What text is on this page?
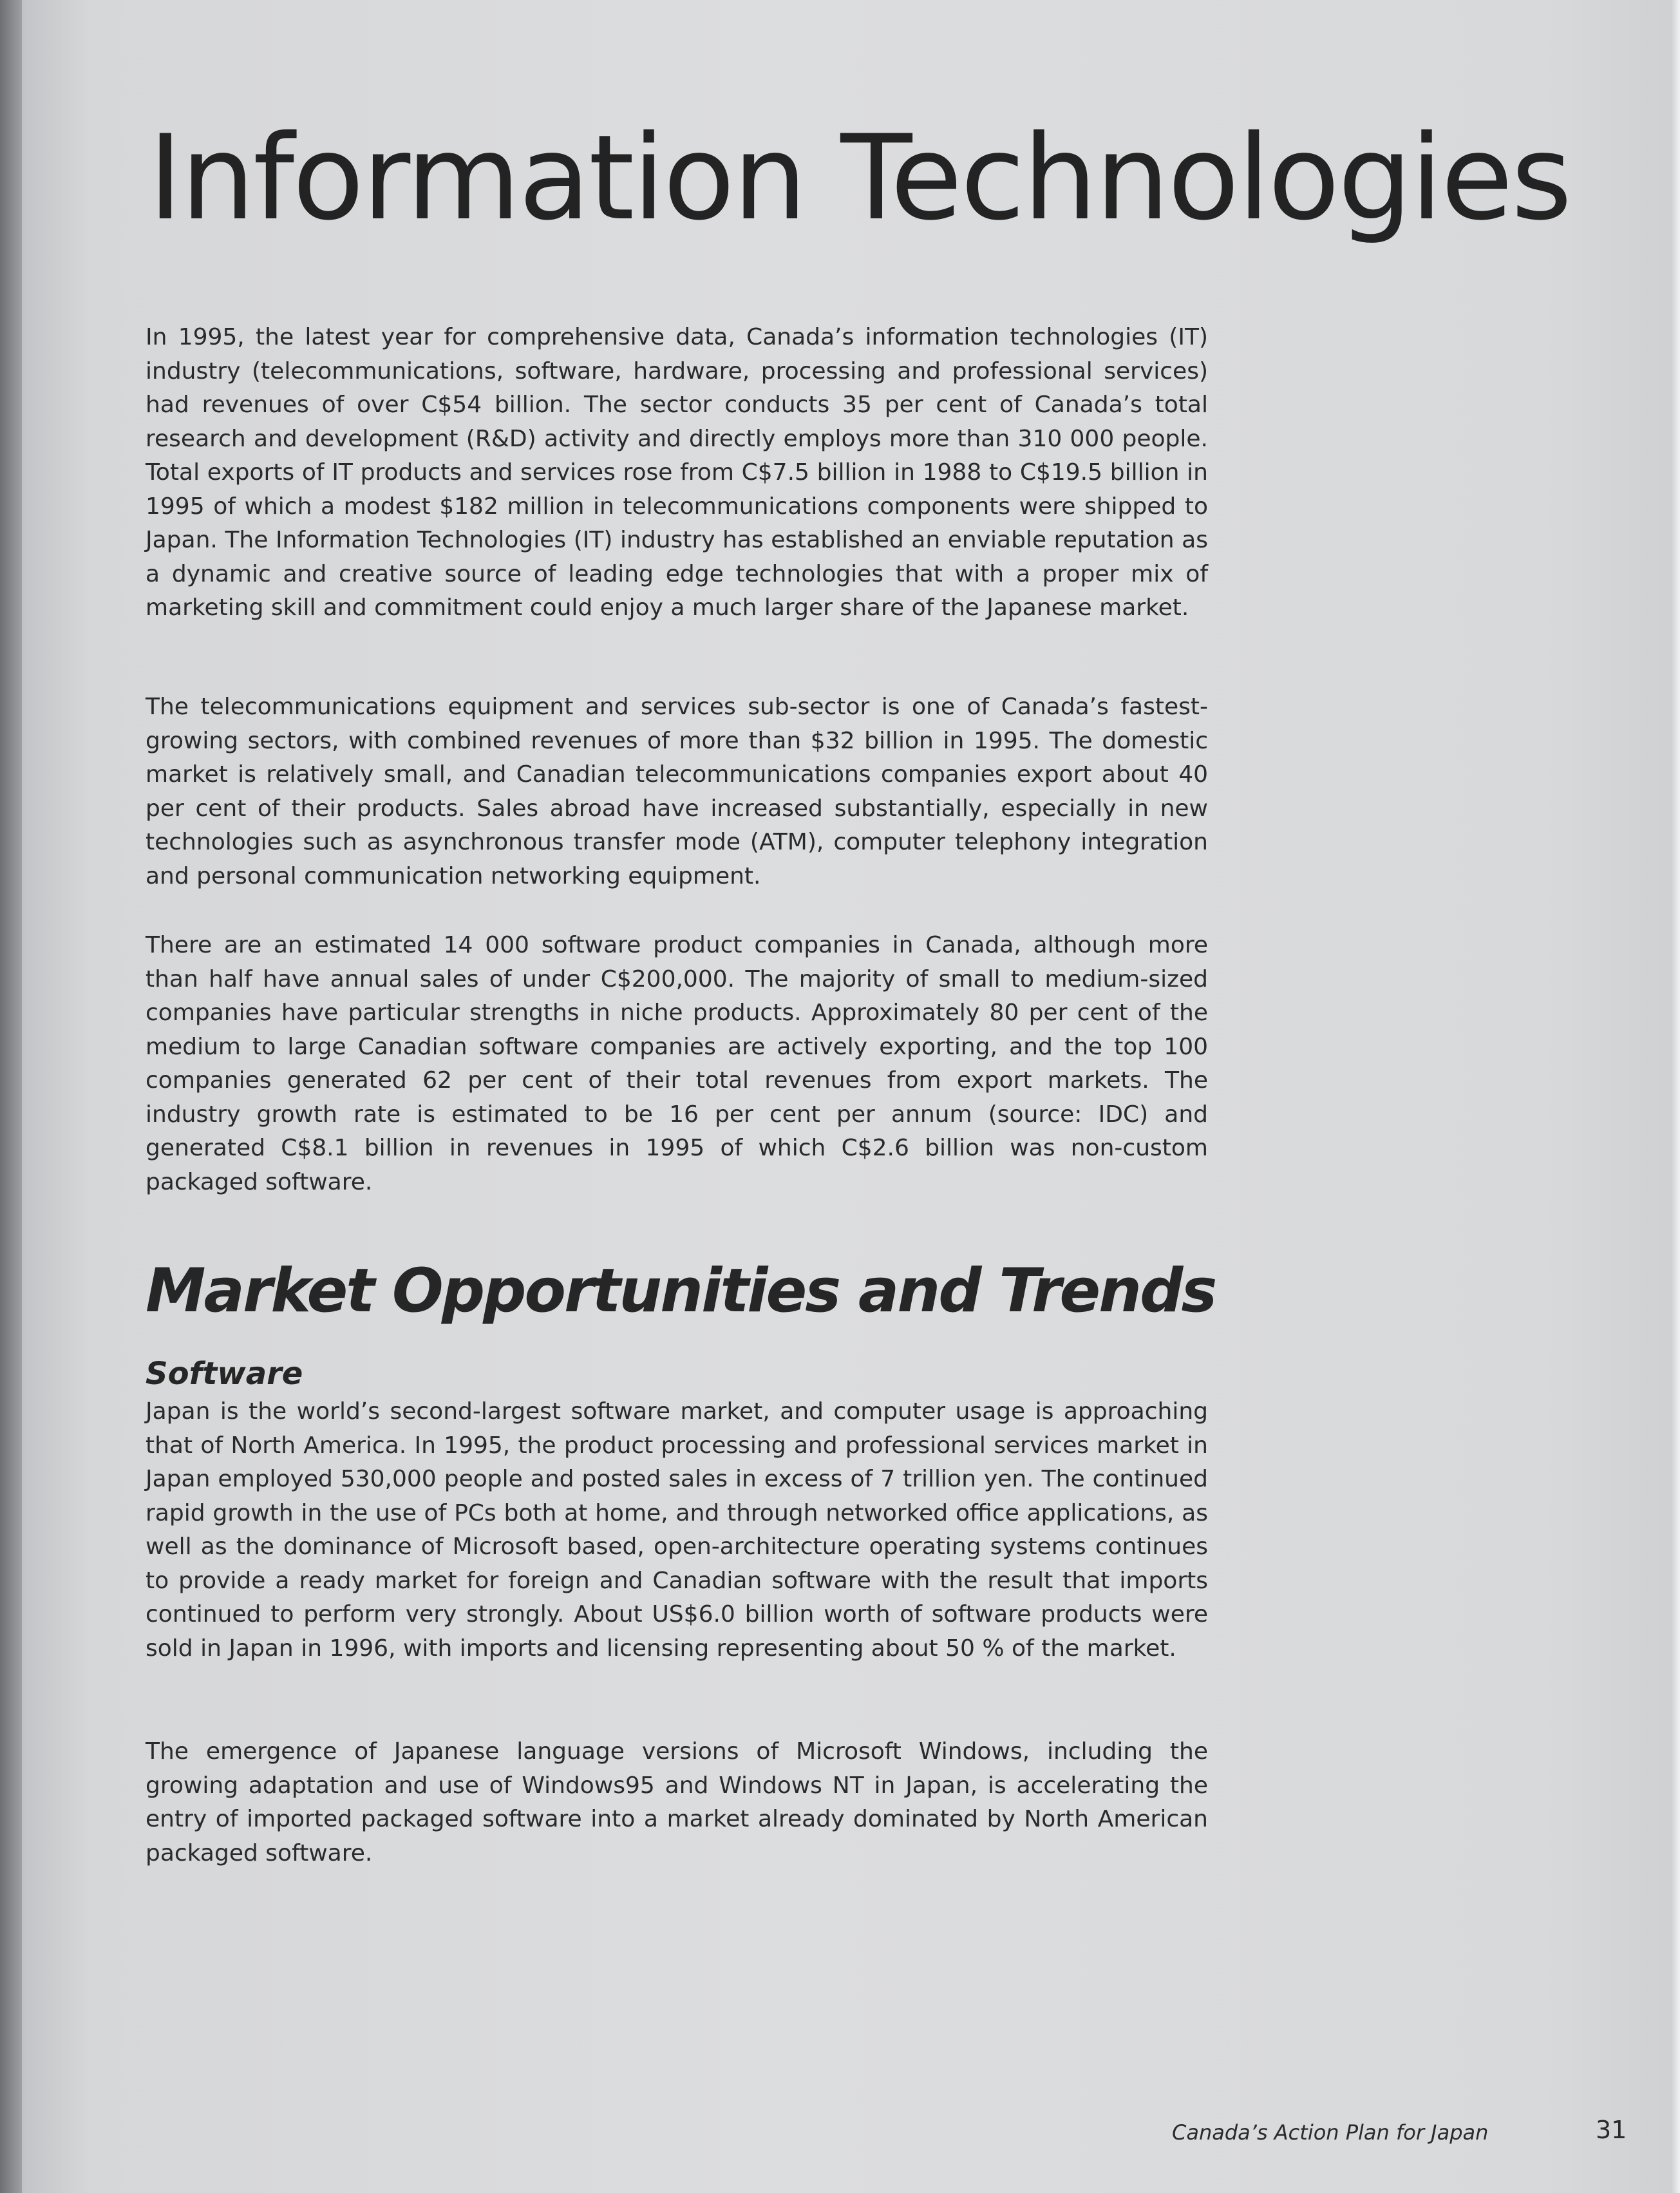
Information Technologies

In 1995, the latest year for comprehensive data, Canada’s information technologies (IT) industry (telecommunications, software, hardware, processing and professional services) had revenues of over C$54 billion. The sector conducts 35 per cent of Canada’s total research and development (R&D) activity and directly employs more than 310 000 people. Total exports of IT products and services rose from C$7.5 billion in 1988 to C$19.5 billion in 1995 of which a modest $182 million in telecommunications components were shipped to Japan. The Information Technologies (IT) industry has established an enviable reputation as a dynamic and creative source of leading edge technologies that with a proper mix of marketing skill and commitment could enjoy a much larger share of the Japanese market.

The telecommunications equipment and services sub-sector is one of Canada’s fastest-growing sectors, with combined revenues of more than $32 billion in 1995. The domestic market is relatively small, and Canadian telecommunications companies export about 40 per cent of their products. Sales abroad have increased substantially, especially in new technologies such as asynchronous transfer mode (ATM), computer telephony integration and personal communication networking equipment.

There are an estimated 14 000 software product companies in Canada, although more than half have annual sales of under C$200,000. The majority of small to medium-sized companies have particular strengths in niche products. Approximately 80 per cent of the medium to large Canadian software companies are actively exporting, and the top 100 companies generated 62 per cent of their total revenues from export markets. The industry growth rate is estimated to be 16 per cent per annum (source: IDC) and generated C$8.1 billion in revenues in 1995 of which C$2.6 billion was non-custom packaged software.

Market Opportunities and Trends
Software

Japan is the world’s second-largest software market, and computer usage is approaching that of North America. In 1995, the product processing and professional services market in Japan employed 530,000 people and posted sales in excess of 7 trillion yen. The continued rapid growth in the use of PCs both at home, and through networked office applications, as well as the dominance of Microsoft based, open-architecture operating systems continues to provide a ready market for foreign and Canadian software with the result that imports continued to perform very strongly. About US$6.0 billion worth of software products were sold in Japan in 1996, with imports and licensing representing about 50 % of the market.

The emergence of Japanese language versions of Microsoft Windows, including the growing adaptation and use of Windows95 and Windows NT in Japan, is accelerating the entry of imported packaged software into a market already dominated by North American packaged software.

Canada’s Action Plan for Japan	31
